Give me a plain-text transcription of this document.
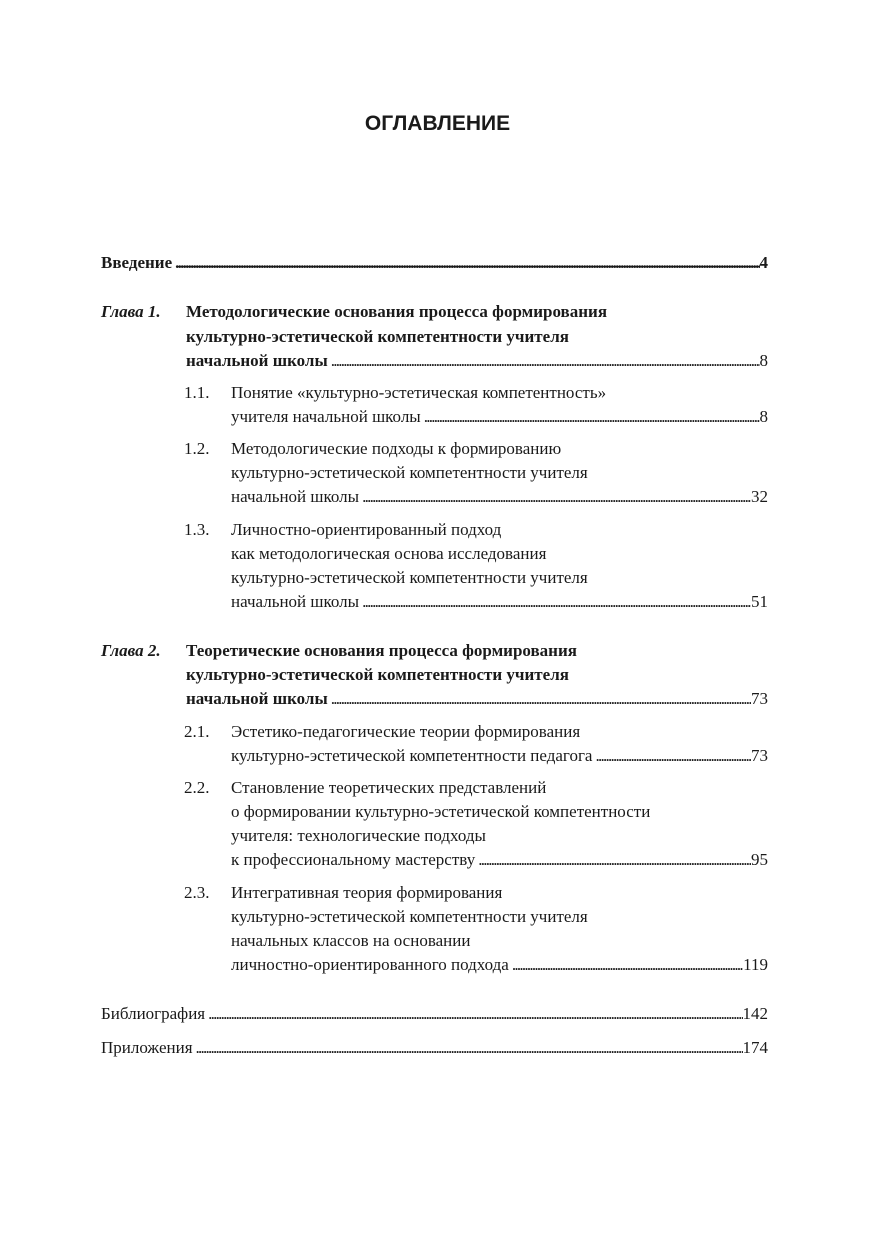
ОГЛАВЛЕНИЕ
Введение . . .	4
Глава 1. Методологические основания процесса формирования
культурно-эстетической компетентности учителя
начальной школы . . .	8
1.1. Понятие «культурно-эстетическая компетентность»
учителя начальной школы . . .	8
1.2. Методологические подходы к формированию
культурно-эстетической компетентности учителя
начальной школы . . .	32
1.3. Личностно-ориентированный подход
как методологическая основа исследования
культурно-эстетической компетентности учителя
начальной школы . . .	51
Глава 2. Теоретические основания процесса формирования
культурно-эстетической компетентности учителя
начальной школы . . .	73
2.1. Эстетико-педагогические теории формирования
культурно-эстетической компетентности педагога . . .	73
2.2. Становление теоретических представлений
о формировании культурно-эстетической компетентности
учителя: технологические подходы
к профессиональному мастерству . . .	95
2.3. Интегративная теория формирования
культурно-эстетической компетентности учителя
начальных классов на основании
личностно-ориентированного подхода . . .	119
Библиография . . .	142
Приложения . . .	174
